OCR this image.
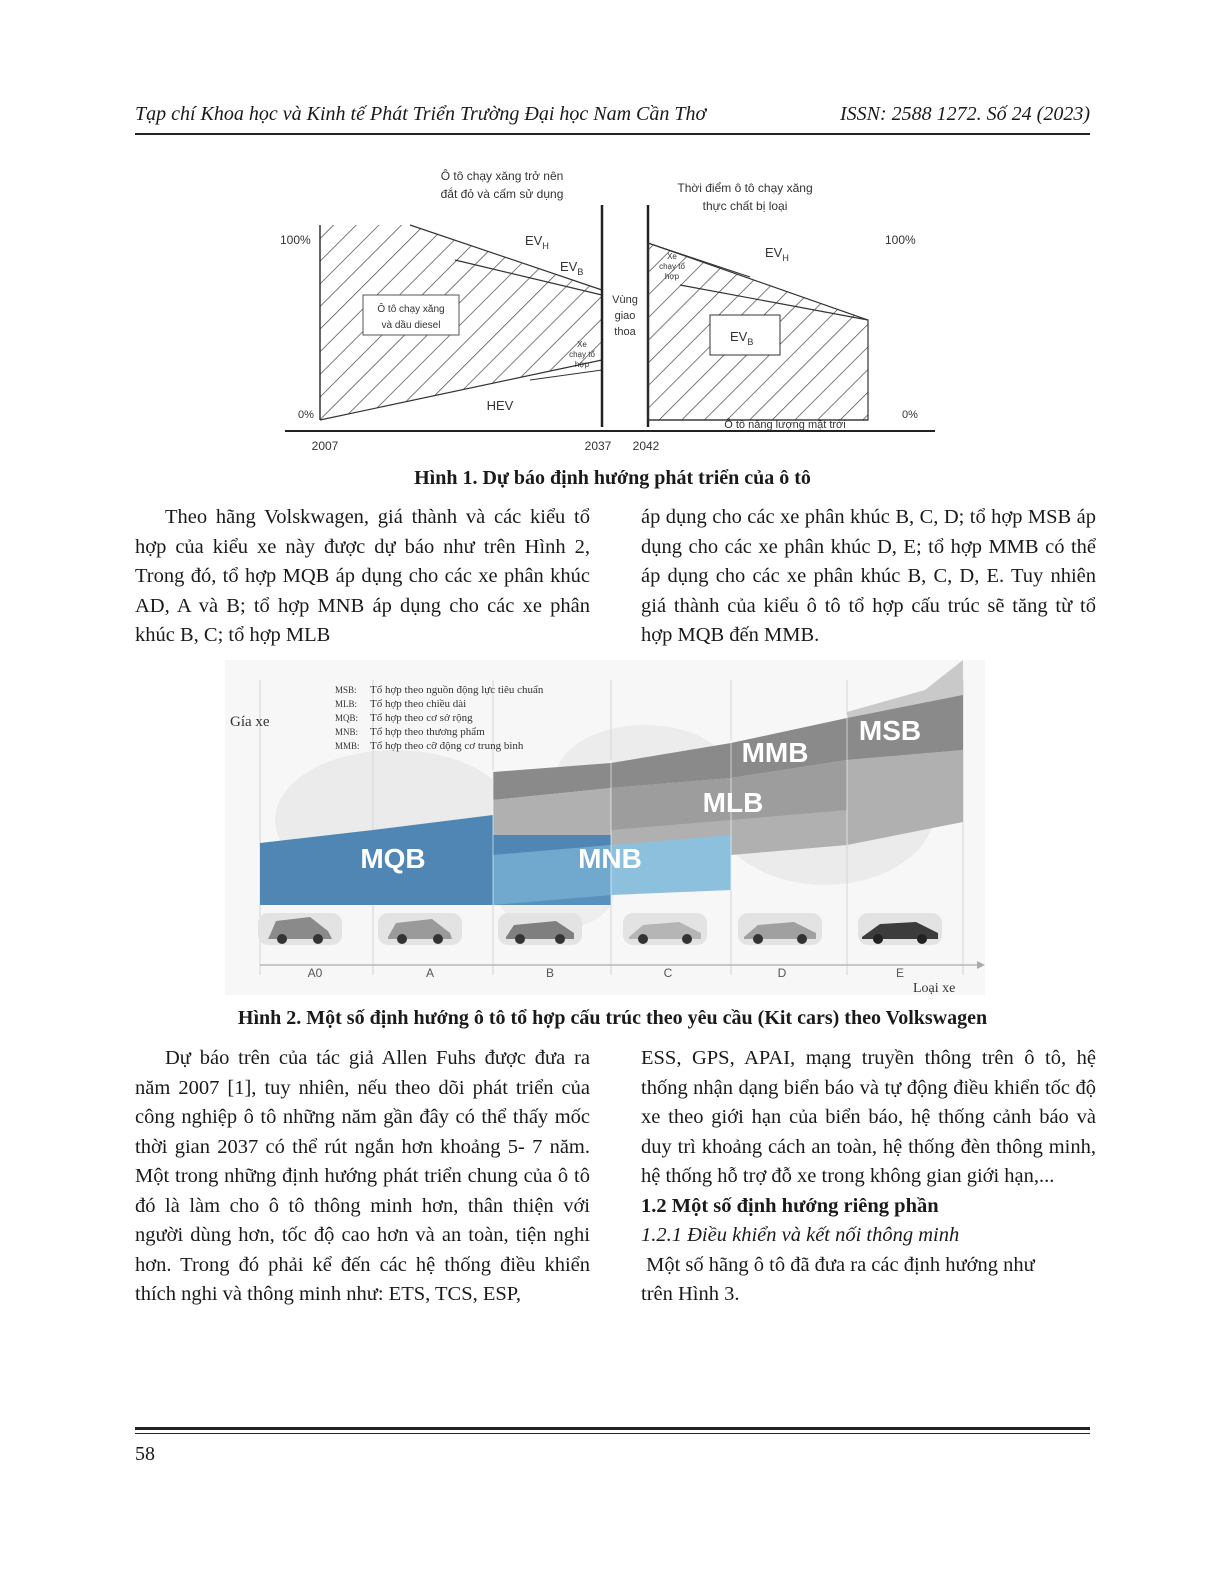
Tạp chí Khoa học và Kinh tế Phát Triển Trường Đại học Nam Cần Thơ	ISSN: 2588 1272. Số 24 (2023)
Ô tô chạy xăng trở nên
đắt đỏ và cấm sử dụng	Thời điểm ô tô chạy xăng
thực chất bị loại
100%	100%
0%	0%
$EV_H$
$EV_B$
Ô tô chạy xăng
và dầu diesel
Xe
chạy tổ
hợp
Vùng
giao
thoa
Xe
chạy tổ
hợp
$EV_H$
$EV_B$
HEV
Ô tô năng lượng mặt trời
2007	2037 2042
Hình 1. Dự báo định hướng phát triển của ô tô

Theo hãng Volskwagen, giá thành và các kiểu tổ hợp của kiểu xe này được dự báo như trên Hình 2, Trong đó, tổ hợp MQB áp dụng cho các xe phân khúc AD, A và B; tổ hợp MNB áp dụng cho các xe phân khúc B, C; tổ hợp MLB

áp dụng cho các xe phân khúc B, C, D; tổ hợp MSB áp dụng cho các xe phân khúc D, E; tổ hợp MMB có thể áp dụng cho các xe phân khúc B, C, D, E. Tuy nhiên giá thành của kiểu ô tô tổ hợp cấu trúc sẽ tăng từ tổ hợp MQB đến MMB.

MQB	MNB
MLB
MMB
MSB
MSB: Tổ hợp theo nguồn động lực tiêu chuẩn
MLB: Tổ hợp theo chiều dài
MQB: Tổ hợp theo cơ sở rộng
MNB: Tổ hợp theo thương phẩm
MMB: Tổ hợp theo cỡ động cơ trung bình
Gía xe
A0	A	B	C	D	E
Loại xe
Hình 2. Một số định hướng ô tô tổ hợp cấu trúc theo yêu cầu (Kit cars) theo Volkswagen

Dự báo trên của tác giả Allen Fuhs được đưa ra năm 2007 [1], tuy nhiên, nếu theo dõi phát triển của công nghiệp ô tô những năm gần đây có thể thấy mốc thời gian 2037 có thể rút ngắn hơn khoảng 5- 7 năm. Một trong những định hướng phát triển chung của ô tô đó là làm cho ô tô thông minh hơn, thân thiện với người dùng hơn, tốc độ cao hơn và an toàn, tiện nghi hơn. Trong đó phải kể đến các hệ thống điều khiển thích nghi và thông minh như: ETS, TCS, ESP,

ESS, GPS, APAI, mạng truyền thông trên ô tô, hệ thống nhận dạng biển báo và tự động điều khiển tốc độ xe theo giới hạn của biển báo, hệ thống cảnh báo và duy trì khoảng cách an toàn, hệ thống đèn thông minh, hệ thống hỗ trợ đỗ xe trong không gian giới hạn,...

1.2 Một số định hướng riêng phần

1.2.1 Điều khiển và kết nối thông minh

Một số hãng ô tô đã đưa ra các định hướng như trên Hình 3.

58
